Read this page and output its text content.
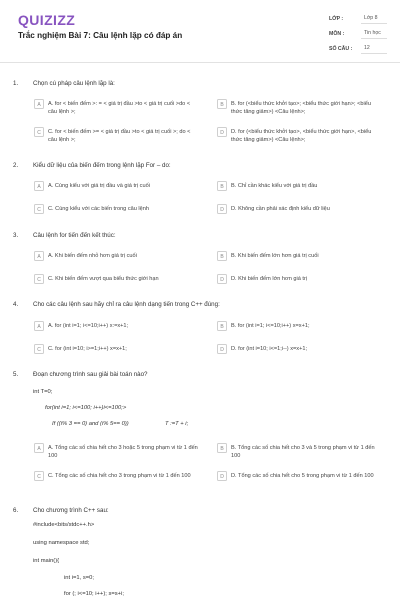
QUIZIZZ
Trắc nghiệm Bài 7: Câu lệnh lặp có đáp án
LỚP :	Lớp 8
MÔN :	Tin học
SỐ CÂU :	12
1. Chọn cú pháp câu lệnh lặp là:
A	A. for < biến đếm >: = < giá trị đầu >to < giá trị cuối >do < câu lệnh >;
B	B. for (<biểu thức khởi tạo>; <biểu thức giới hạn>; <biểu thức tăng giảm>) <Câu lệnh>;
C	C. for < biến đếm >= < giá trị đầu >to < giá trị cuối >; do < câu lệnh >;
D	D. for (<biểu thức khởi tạo>, <biểu thức giới hạn>, <biểu thức tăng giảm>) <Câu lệnh>;
2. Kiểu dữ liệu của biến đếm trong lệnh lặp For – do:
A	A. Cùng kiểu với giá trị đầu và giá trị cuối	B	B. Chỉ cần khác kiểu với giá trị đầu
C	C. Cùng kiểu với các biến trong câu lệnh	D	D. Không cần phải xác định kiểu dữ liệu
3. Câu lệnh for tiến đến kết thúc:
A	A. Khi biến đếm nhỏ hơn giá trị cuối	B	B. Khi biến đếm lớn hơn giá trị cuối
C	C. Khi biến đếm vượt qua biểu thức giới hạn	D	D. Khi biến đếm lớn hơn giá trị
4. Cho các câu lệnh sau hãy chỉ ra câu lệnh dạng tiến trong C++ đúng:
A	A. for (int i=1; i<=10;i++) x:=x+1;	B	B. for (int i=1; i<=10;i++) x=x+1;
C	C. for (int i=10; i>=1;i++) x=x+1;	D	D. for (int i=10; i<=1;i--) x=x+1;
5. Đoạn chương trình sau giải bài toán nào?
int T=0;
for(int i=1; i<=100; i++)i<=100;>
If ((i% 3 == 0) and (i% 5== 0))	T :=T + i;
A	A. Tổng các số chia hết cho 3 hoặc 5 trong phạm vi từ 1 đến 100
B	B. Tổng các số chia hết cho 3 và 5 trong phạm vi từ 1 đến 100
C	C. Tổng các số chia hết cho 3 trong phạm vi từ 1 đến 100	D	D. Tổng các số chia hết cho 5 trong phạm vi từ 1 đến 100
6. Cho chương trình C++ sau:
#include<bits/stdc++.h>
using namespace std;
int main(){
int i=1, s=0;
for (; i<=10; i++); s=s+i;
